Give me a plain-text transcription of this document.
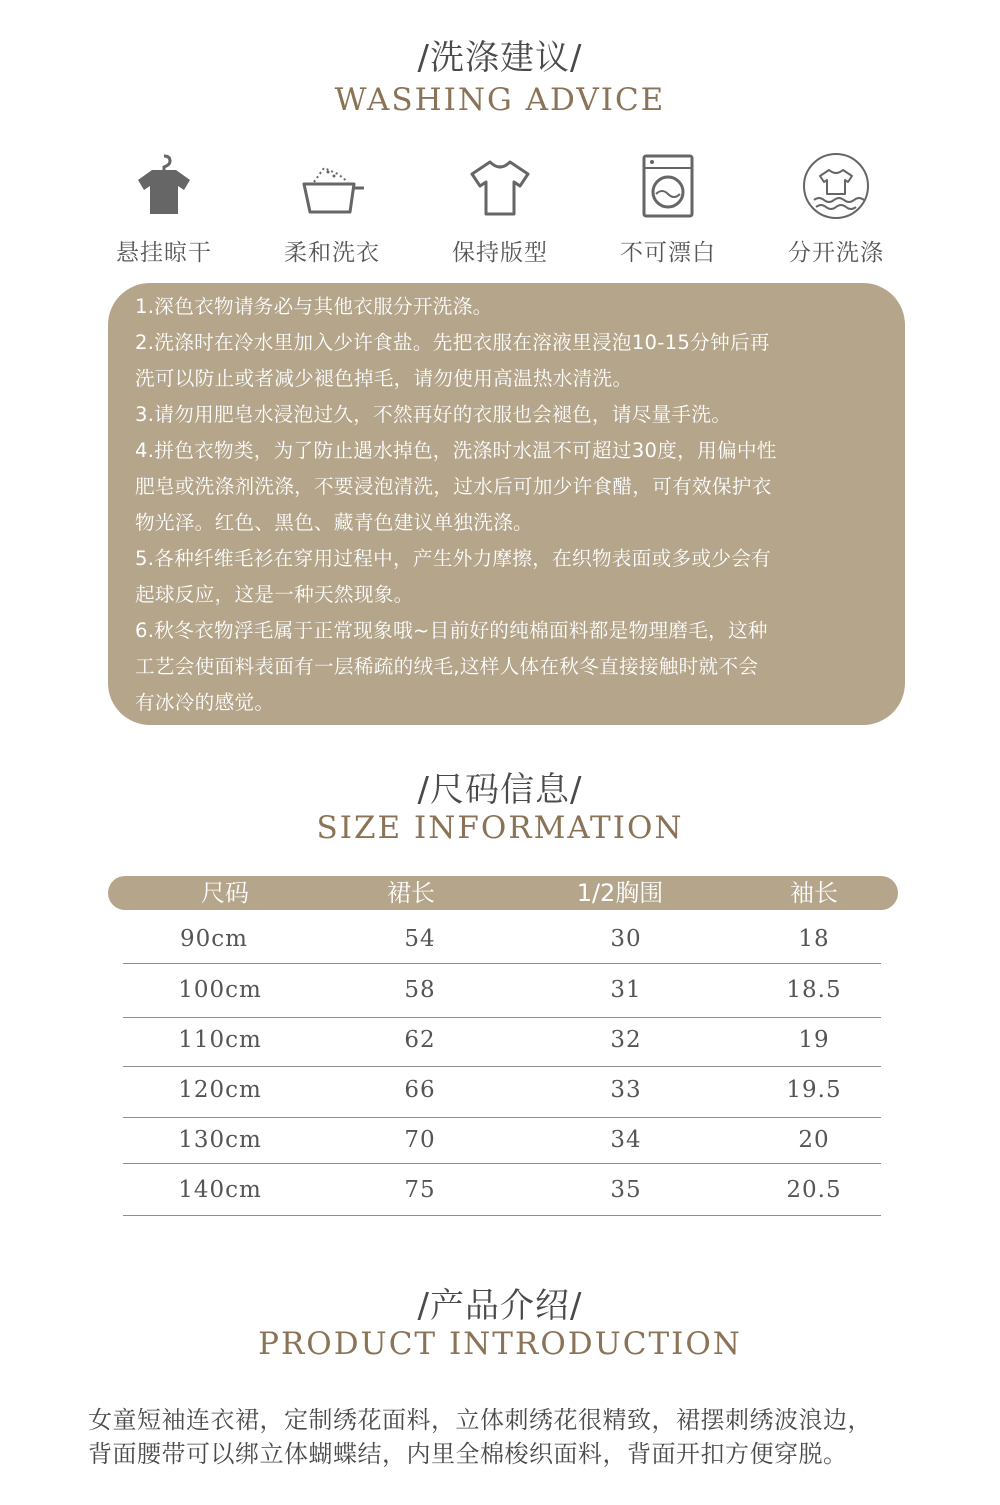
/洗涤建议/
WASHING ADVICE
悬挂晾干	柔和洗衣	保持版型	不可漂白	分开洗涤
1.深色衣物请务必与其他衣服分开洗涤。
2.洗涤时在冷水里加入少许食盐。先把衣服在溶液里浸泡10-15分钟后再
洗可以防止或者减少褪色掉毛，请勿使用高温热水清洗。
3.请勿用肥皂水浸泡过久，不然再好的衣服也会褪色，请尽量手洗。
4.拼色衣物类，为了防止遇水掉色，洗涤时水温不可超过30度，用偏中性
肥皂或洗涤剂洗涤，不要浸泡清洗，过水后可加少许食醋，可有效保护衣
物光泽。红色、黑色、藏青色建议单独洗涤。
5.各种纤维毛衫在穿用过程中，产生外力摩擦，在织物表面或多或少会有
起球反应，这是一种天然现象。
6.秋冬衣物浮毛属于正常现象哦~目前好的纯棉面料都是物理磨毛，这种
工艺会使面料表面有一层稀疏的绒毛,这样人体在秋冬直接接触时就不会
有冰冷的感觉。
/尺码信息/
SIZE INFORMATION
尺码	裙长	1/2胸围	袖长
90cm	54	30	18
100cm	58	31	18.5
110cm	62	32	19
120cm	66	33	19.5
130cm	70	34	20
140cm	75	35	20.5
/产品介绍/
PRODUCT INTRODUCTION
女童短袖连衣裙，定制绣花面料，立体刺绣花很精致，裙摆刺绣波浪边，
背面腰带可以绑立体蝴蝶结，内里全棉梭织面料，背面开扣方便穿脱。
